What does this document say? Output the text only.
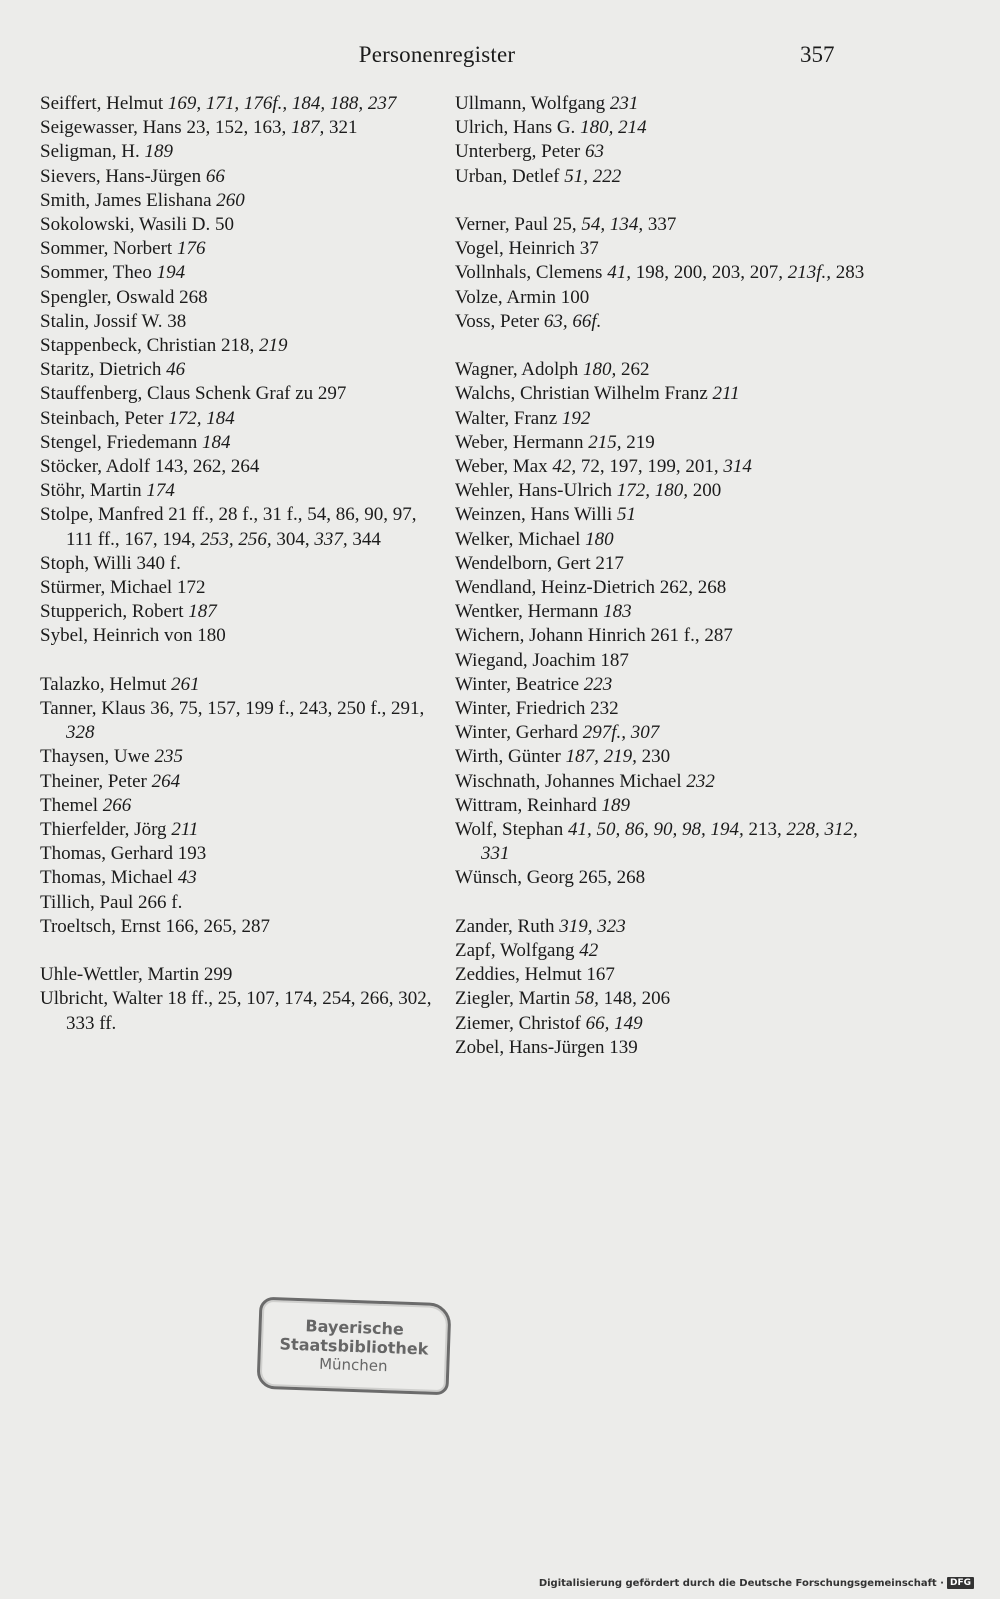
Personenregister	357

Seiffert, Helmut 169, 171, 176f., 184, 188, 237

Seigewasser, Hans 23, 152, 163, 187, 321

Seligman, H. 189

Sievers, Hans-Jürgen 66

Smith, James Elishana 260

Sokolowski, Wasili D. 50

Sommer, Norbert 176

Sommer, Theo 194

Spengler, Oswald 268

Stalin, Jossif W. 38

Stappenbeck, Christian 218, 219

Staritz, Dietrich 46

Stauffenberg, Claus Schenk Graf zu 297

Steinbach, Peter 172, 184

Stengel, Friedemann 184

Stöcker, Adolf 143, 262, 264

Stöhr, Martin 174

Stolpe, Manfred 21 ff., 28 f., 31 f., 54, 86, 90, 97, 111 ff., 167, 194, 253, 256, 304, 337, 344

Stoph, Willi 340 f.

Stürmer, Michael 172

Stupperich, Robert 187

Sybel, Heinrich von 180

Talazko, Helmut 261

Tanner, Klaus 36, 75, 157, 199 f., 243, 250 f., 291, 328

Thaysen, Uwe 235

Theiner, Peter 264

Themel 266

Thierfelder, Jörg 211

Thomas, Gerhard 193

Thomas, Michael 43

Tillich, Paul 266 f.

Troeltsch, Ernst 166, 265, 287

Uhle-Wettler, Martin 299

Ulbricht, Walter 18 ff., 25, 107, 174, 254, 266, 302, 333 ff.

Ullmann, Wolfgang 231

Ulrich, Hans G. 180, 214

Unterberg, Peter 63

Urban, Detlef 51, 222

Verner, Paul 25, 54, 134, 337

Vogel, Heinrich 37

Vollnhals, Clemens 41, 198, 200, 203, 207, 213f., 283

Volze, Armin 100

Voss, Peter 63, 66f.

Wagner, Adolph 180, 262

Walchs, Christian Wilhelm Franz 211

Walter, Franz 192

Weber, Hermann 215, 219

Weber, Max 42, 72, 197, 199, 201, 314

Wehler, Hans-Ulrich 172, 180, 200

Weinzen, Hans Willi 51

Welker, Michael 180

Wendelborn, Gert 217

Wendland, Heinz-Dietrich 262, 268

Wentker, Hermann 183

Wichern, Johann Hinrich 261 f., 287

Wiegand, Joachim 187

Winter, Beatrice 223

Winter, Friedrich 232

Winter, Gerhard 297f., 307

Wirth, Günter 187, 219, 230

Wischnath, Johannes Michael 232

Wittram, Reinhard 189

Wolf, Stephan 41, 50, 86, 90, 98, 194, 213, 228, 312, 331

Wünsch, Georg 265, 268

Zander, Ruth 319, 323

Zapf, Wolfgang 42

Zeddies, Helmut 167

Ziegler, Martin 58, 148, 206

Ziemer, Christof 66, 149

Zobel, Hans-Jürgen 139

Bayerische
Staatsbibliothek
München
Digitalisierung gefördert durch die Deutsche Forschungsgemeinschaft · DFG
